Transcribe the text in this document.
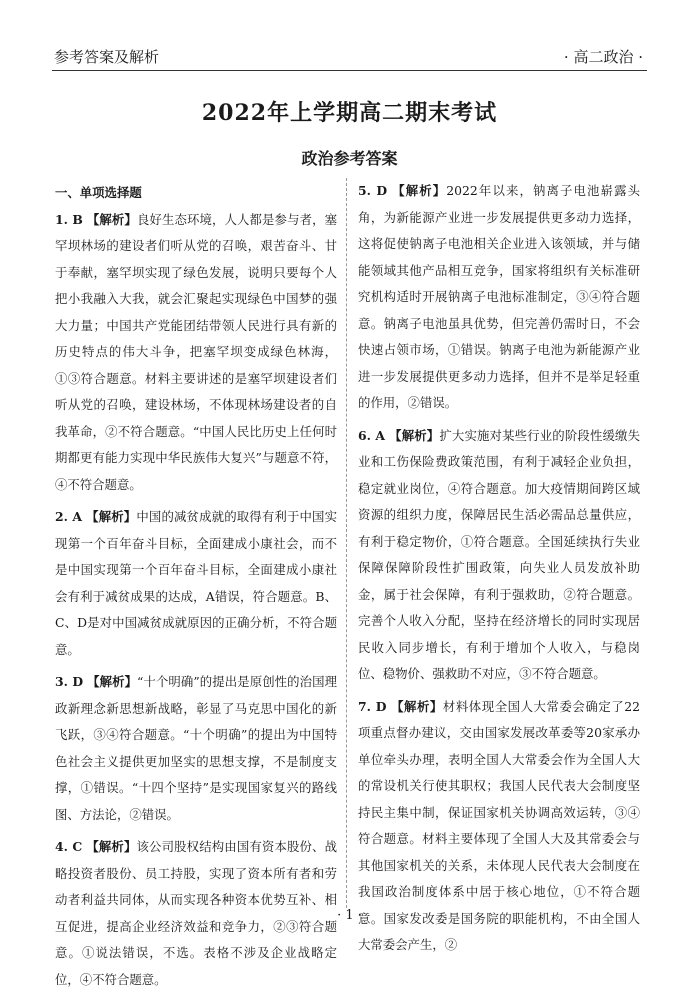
参考答案及解析	· 高二政治 ·
2022年上学期高二期末考试
政治参考答案

一、单项选择题

1. B 【解析】良好生态环境，人人都是参与者，塞罕坝林场的建设者们听从党的召唤，艰苦奋斗、甘于奉献，塞罕坝实现了绿色发展，说明只要每个人把小我融入大我，就会汇聚起实现绿色中国梦的强大力量；中国共产党能团结带领人民进行具有新的历史特点的伟大斗争，把塞罕坝变成绿色林海，①③符合题意。材料主要讲述的是塞罕坝建设者们听从党的召唤，建设林场，不体现林场建设者的自我革命，②不符合题意。“中国人民比历史上任何时期都更有能力实现中华民族伟大复兴”与题意不符，④不符合题意。

2. A 【解析】中国的减贫成就的取得有利于中国实现第一个百年奋斗目标，全面建成小康社会，而不是中国实现第一个百年奋斗目标，全面建成小康社会有利于减贫成果的达成，A错误，符合题意。B、C、D是对中国减贫成就原因的正确分析，不符合题意。

3. D 【解析】“十个明确”的提出是原创性的治国理政新理念新思想新战略，彰显了马克思中国化的新飞跃，③④符合题意。“十个明确”的提出为中国特色社会主义提供更加坚实的思想支撑，不是制度支撑，①错误。“十四个坚持”是实现国家复兴的路线图、方法论，②错误。

4. C 【解析】该公司股权结构由国有资本股份、战略投资者股份、员工持股，实现了资本所有者和劳动者利益共同体，从而实现各种资本优势互补、相互促进，提高企业经济效益和竞争力，②③符合题意。①说法错误，不选。表格不涉及企业战略定位，④不符合题意。

5. D 【解析】2022年以来，钠离子电池崭露头角，为新能源产业进一步发展提供更多动力选择，这将促使钠离子电池相关企业进入该领域，并与储能领域其他产品相互竞争，国家将组织有关标准研究机构适时开展钠离子电池标准制定，③④符合题意。钠离子电池虽具优势，但完善仍需时日，不会快速占领市场，①错误。钠离子电池为新能源产业进一步发展提供更多动力选择，但并不是举足轻重的作用，②错误。

6. A 【解析】扩大实施对某些行业的阶段性缓缴失业和工伤保险费政策范围，有利于减轻企业负担，稳定就业岗位，④符合题意。加大疫情期间跨区域资源的组织力度，保障居民生活必需品总量供应，有利于稳定物价，①符合题意。全国延续执行失业保障保障阶段性扩围政策，向失业人员发放补助金，属于社会保障，有利于强救助，②符合题意。完善个人收入分配，坚持在经济增长的同时实现居民收入同步增长，有利于增加个人收入，与稳岗位、稳物价、强救助不对应，③不符合题意。

7. D 【解析】材料体现全国人大常委会确定了22项重点督办建议，交由国家发展改革委等20家承办单位牵头办理，表明全国人大常委会作为全国人大的常设机关行使其职权；我国人民代表大会制度坚持民主集中制，保证国家机关协调高效运转，③④符合题意。材料主要体现了全国人大及其常委会与其他国家机关的关系，未体现人民代表大会制度在我国政治制度体系中居于核心地位，①不符合题意。国家发改委是国务院的职能机构，不由全国人大常委会产生，②

· 1 ·
